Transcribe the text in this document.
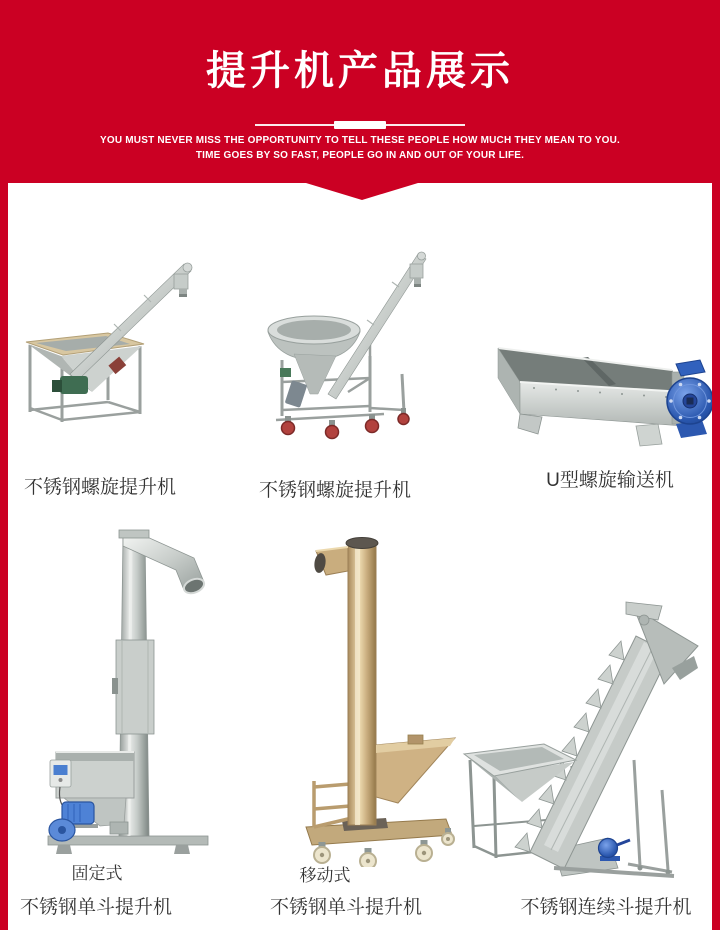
提升机产品展示
YOU MUST NEVER MISS THE OPPORTUNITY TO TELL THESE PEOPLE HOW MUCH THEY MEAN TO YOU.
TIME GOES BY SO FAST, PEOPLE GO IN AND OUT OF YOUR LIFE.
不锈钢螺旋提升机	不锈钢螺旋提升机	U型螺旋输送机
固定式	移动式
不锈钢单斗提升机	不锈钢单斗提升机	不锈钢连续斗提升机
